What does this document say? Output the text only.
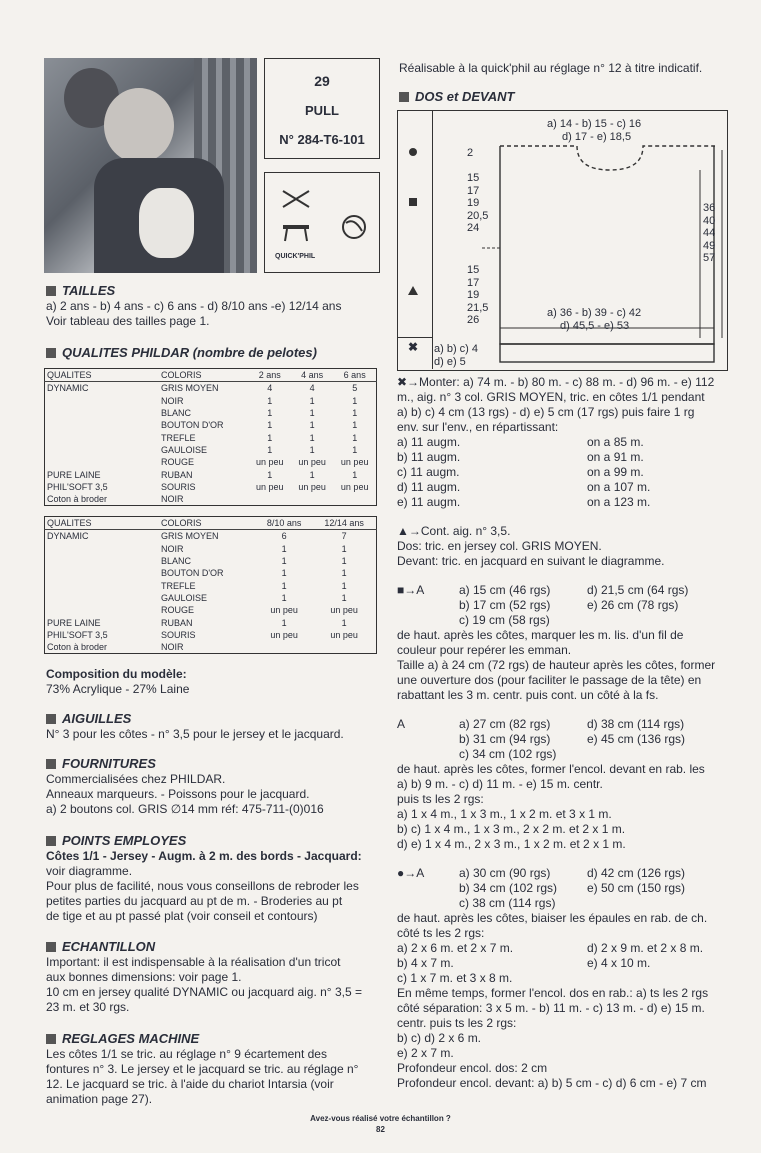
29
PULL
N° 284-T6-101
QUICK'PHIL
TAILLES
a) 2 ans - b) 4 ans - c) 6 ans - d) 8/10 ans -e) 12/14 ans
Voir tableau des tailles page 1.
QUALITES PHILDAR (nombre de pelotes)
QUALITES	COLORIS	2 ans	4 ans	6 ans
DYNAMIC	GRIS MOYEN	4	4	5
	NOIR	1	1	1
	BLANC	1	1	1
	BOUTON D'OR	1	1	1
	TREFLE	1	1	1
	GAULOISE	1	1	1
	ROUGE	un peu	un peu	un peu
PURE LAINE	RUBAN	1	1	1
PHIL'SOFT 3,5	SOURIS	un peu	un peu	un peu
Coton à broder	NOIR			
QUALITES	COLORIS	8/10 ans	12/14 ans
DYNAMIC	GRIS MOYEN	6	7
	NOIR	1	1
	BLANC	1	1
	BOUTON D'OR	1	1
	TREFLE	1	1
	GAULOISE	1	1
	ROUGE	un peu	un peu
PURE LAINE	RUBAN	1	1
PHIL'SOFT 3,5	SOURIS	un peu	un peu
Coton à broder	NOIR		
Composition du modèle:
73% Acrylique - 27% Laine
AIGUILLES
N° 3 pour les côtes - n° 3,5 pour le jersey et le jacquard.
FOURNITURES
Commercialisées chez PHILDAR.
Anneaux marqueurs. - Poissons pour le jacquard.
a) 2 boutons col. GRIS ∅14 mm réf: 475-711-(0)016
POINTS EMPLOYES
Côtes 1/1 - Jersey - Augm. à 2 m. des bords - Jacquard:
voir diagramme.
Pour plus de facilité, nous vous conseillons de rebroder les
petites parties du jacquard au pt de m. - Broderies au pt
de tige et au pt passé plat (voir conseil et contours)
ECHANTILLON
Important: il est indispensable à la réalisation d'un tricot
aux bonnes dimensions: voir page 1.
10 cm en jersey qualité DYNAMIC ou jacquard aig. n° 3,5 =
23 m. et 30 rgs.
REGLAGES MACHINE
Les côtes 1/1 se tric. au réglage n° 9 écartement des
fontures n° 3. Le jersey et le jacquard se tric. au réglage n°
12. Le jacquard se tric. à l'aide du chariot Intarsia (voir
animation page 27).
Réalisable à la quick'phil au réglage n° 12 à titre indicatif.
DOS et DEVANT
✖
a) 14 - b) 15 - c) 16
d) 17 - e) 18,5
2
15
17
19
20,5
24
15
17
19
21,5
26
36
40
44
49
57
a) 36 - b) 39 - c) 42
d) 45,5 - e) 53
a) b) c) 4
d) e) 5
✖→Monter: a) 74 m. - b) 80 m. - c) 88 m. - d) 96 m. - e) 112
m., aig. n° 3 col. GRIS MOYEN, tric. en côtes 1/1 pendant
a) b) c) 4 cm (13 rgs) - d) e) 5 cm (17 rgs) puis faire 1 rg
env. sur l'env., en répartissant:
a) 11 augm.	on a 85 m.
b) 11 augm.	on a 91 m.
c) 11 augm.	on a 99 m.
d) 11 augm.	on a 107 m.
e) 11 augm.	on a 123 m.
▲→Cont. aig. n° 3,5.
Dos: tric. en jersey col. GRIS MOYEN.
Devant: tric. en jacquard en suivant le diagramme.
■→A	a) 15 cm (46 rgs)	d) 21,5 cm (64 rgs)
b) 17 cm (52 rgs)	e) 26 cm (78 rgs)
c) 19 cm (58 rgs)
de haut. après les côtes, marquer les m. lis. d'un fil de
couleur pour repérer les emman.
Taille a) à 24 cm (72 rgs) de hauteur après les côtes, former
une ouverture dos (pour faciliter le passage de la tête) en
rabattant les 3 m. centr. puis cont. un côté à la fs.
A	a) 27 cm (82 rgs)	d) 38 cm (114 rgs)
b) 31 cm (94 rgs)	e) 45 cm (136 rgs)
c) 34 cm (102 rgs)
de haut. après les côtes, former l'encol. devant en rab. les
a) b) 9 m. - c) d) 11 m. - e) 15 m. centr.
puis ts les 2 rgs:
a) 1 x 4 m., 1 x 3 m., 1 x 2 m. et 3 x 1 m.
b) c) 1 x 4 m., 1 x 3 m., 2 x 2 m. et 2 x 1 m.
d) e) 1 x 4 m., 2 x 3 m., 1 x 2 m. et 2 x 1 m.
●→A	a) 30 cm (90 rgs)	d) 42 cm (126 rgs)
b) 34 cm (102 rgs)	e) 50 cm (150 rgs)
c) 38 cm (114 rgs)
de haut. après les côtes, biaiser les épaules en rab. de ch.
côté ts les 2 rgs:
a) 2 x 6 m. et 2 x 7 m.	d) 2 x 9 m. et 2 x 8 m.
b) 4 x 7 m.	e) 4 x 10 m.
c) 1 x 7 m. et 3 x 8 m.
En même temps, former l'encol. dos en rab.: a) ts les 2 rgs
côté séparation: 3 x 5 m. - b) 11 m. - c) 13 m. - d) e) 15 m.
centr. puis ts les 2 rgs:
b) c) d) 2 x 6 m.
e) 2 x 7 m.
Profondeur encol. dos: 2 cm
Profondeur encol. devant: a) b) 5 cm - c) d) 6 cm - e) 7 cm
Avez-vous réalisé votre échantillon ?
82
